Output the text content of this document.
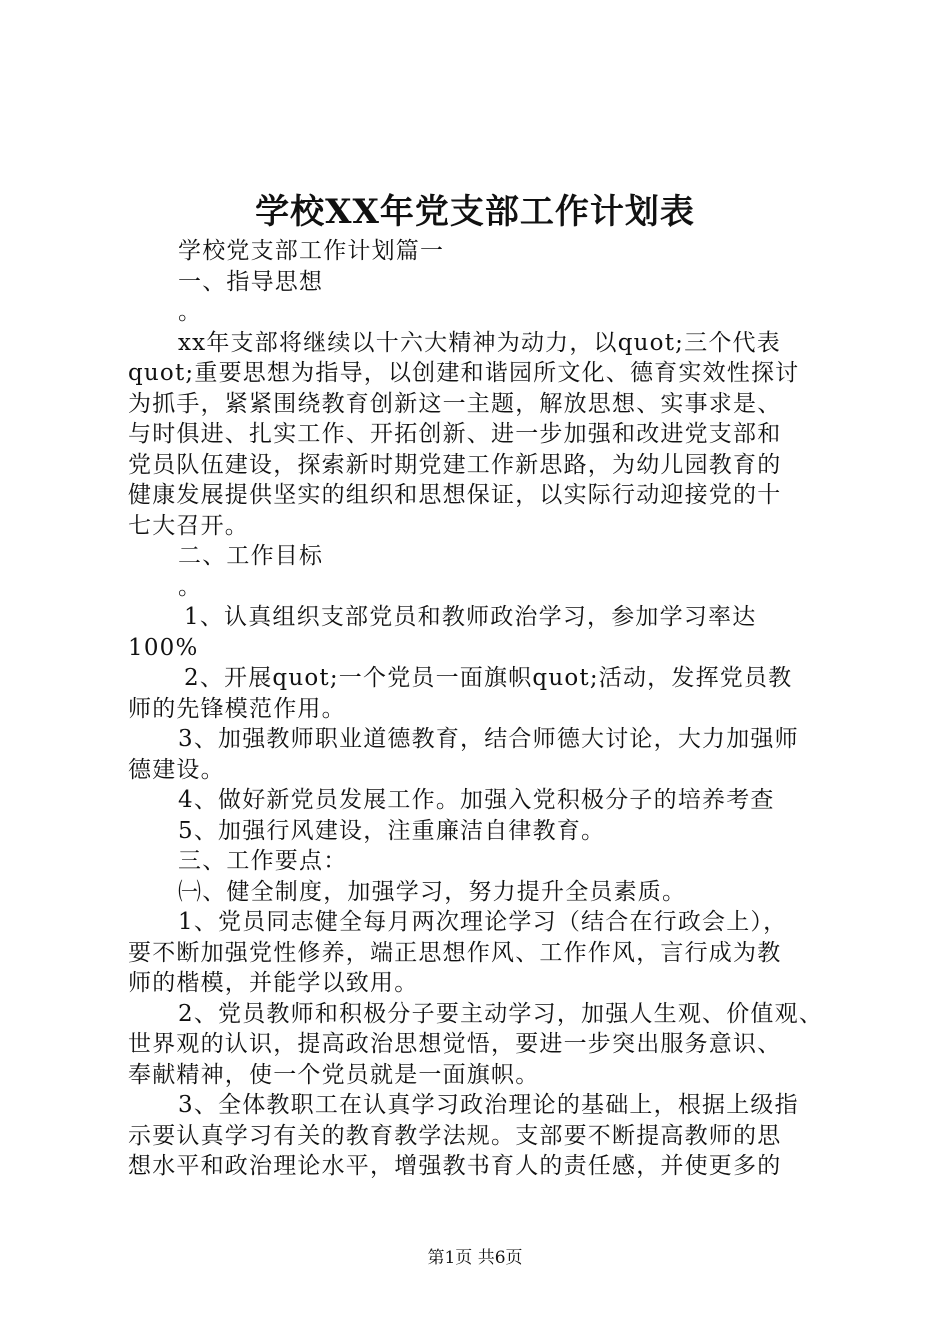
学校XX年党支部工作计划表
学校党支部工作计划篇一
一、指导思想
。
xx年支部将继续以十六大精神为动力，以quot;三个代表
quot;重要思想为指导，以创建和谐园所文化、德育实效性探讨
为抓手，紧紧围绕教育创新这一主题，解放思想、实事求是、
与时俱进、扎实工作、开拓创新、进一步加强和改进党支部和
党员队伍建设，探索新时期党建工作新思路，为幼儿园教育的
健康发展提供坚实的组织和思想保证，以实际行动迎接党的十
七大召开。
二、工作目标
。
1、认真组织支部党员和教师政治学习，参加学习率达
100%
2、开展quot;一个党员一面旗帜quot;活动，发挥党员教
师的先锋模范作用。
3、加强教师职业道德教育，结合师德大讨论，大力加强师
德建设。
4、做好新党员发展工作。加强入党积极分子的培养考查
5、加强行风建设，注重廉洁自律教育。
三、工作要点：
㈠、健全制度，加强学习，努力提升全员素质。
1、党员同志健全每月两次理论学习（结合在行政会上），
要不断加强党性修养，端正思想作风、工作作风，言行成为教
师的楷模，并能学以致用。
2、党员教师和积极分子要主动学习，加强人生观、价值观、
世界观的认识，提高政治思想觉悟，要进一步突出服务意识、
奉献精神，使一个党员就是一面旗帜。
3、全体教职工在认真学习政治理论的基础上，根据上级指
示要认真学习有关的教育教学法规。支部要不断提高教师的思
想水平和政治理论水平，增强教书育人的责任感，并使更多的
第1页 共6页
